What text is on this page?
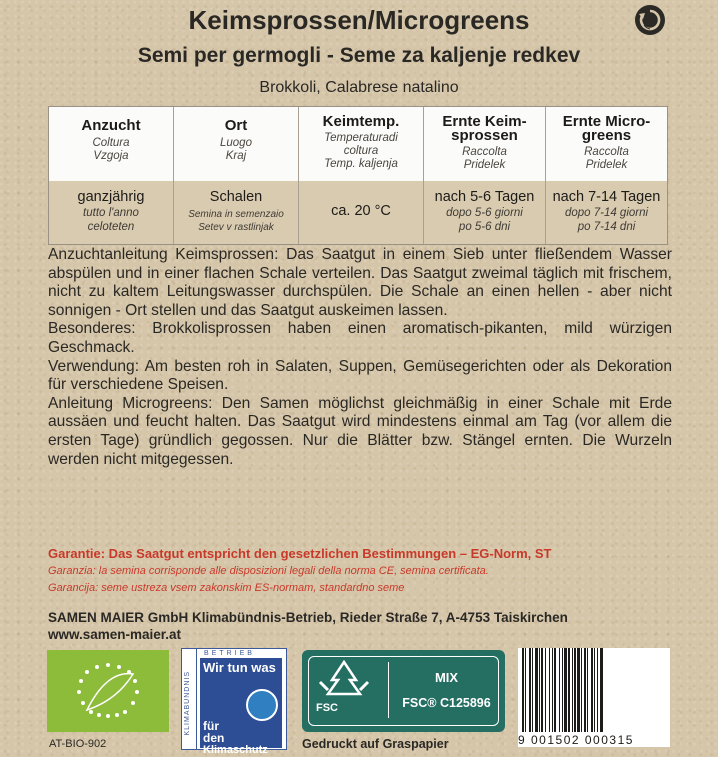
Keimsprossen/Microgreens
Semi per germogli - Seme za kaljenje redkev
Brokkoli, Calabrese natalino
Anzucht
Coltura
Vzgoja
Ort
Luogo
Kraj
Keimtemp.
Temperaturadi
coltura
Temp. kaljenja
Ernte Keim-
sprossen
Raccolta
Pridelek
Ernte Micro-
greens
Raccolta
Pridelek
ganzjährig
tutto l'anno
celoteten
Schalen
Semina in semenzaio
Setev v rastlinjak
ca. 20 °C
nach 5-6 Tagen
dopo 5-6 giorni
po 5-6 dni
nach 7-14 Tagen
dopo 7-14 giorni
po 7-14 dni

Anzuchtanleitung Keimsprossen: Das Saatgut in einem Sieb unter fließendem Wasser abspülen und in einer flachen Schale verteilen. Das Saatgut zweimal täglich mit frischem, nicht zu kaltem Leitungswasser durchspülen. Die Schale an einen hellen - aber nicht sonnigen - Ort stellen und das Saatgut auskeimen lassen.

Besonderes: Brokkolisprossen haben einen aromatisch-pikanten, mild würzigen Geschmack.

Verwendung: Am besten roh in Salaten, Suppen, Gemüsegerichten oder als Dekoration für verschiedene Speisen.

Anleitung Microgreens: Den Samen möglichst gleichmäßig in einer Schale mit Erde aussäen und feucht halten. Das Saatgut wird mindestens einmal am Tag (vor allem die ersten Tage) gründlich gegossen. Nur die Blätter bzw. Stängel ernten. Die Wurzeln werden nicht mitgegessen.

Garantie: Das Saatgut entspricht den gesetzlichen Bestimmungen – EG-Norm, ST
Garanzia: la semina corrisponde alle disposizioni legali della norma CE, semina certificata.
Garancija: seme ustreza vsem zakonskim ES-normam, standardno seme
SAMEN MAIER GmbH Klimabündnis-Betrieb, Rieder Straße 7, A-4753 Taiskirchen
www.samen-maier.at
AT-BIO-902
KLIMABÜNDNIS
BETRIEB
Wir tun was
für
den
Klimaschutz
FSC
MIX
FSC® C125896
Gedruckt auf Graspapier	9 001502 000315
